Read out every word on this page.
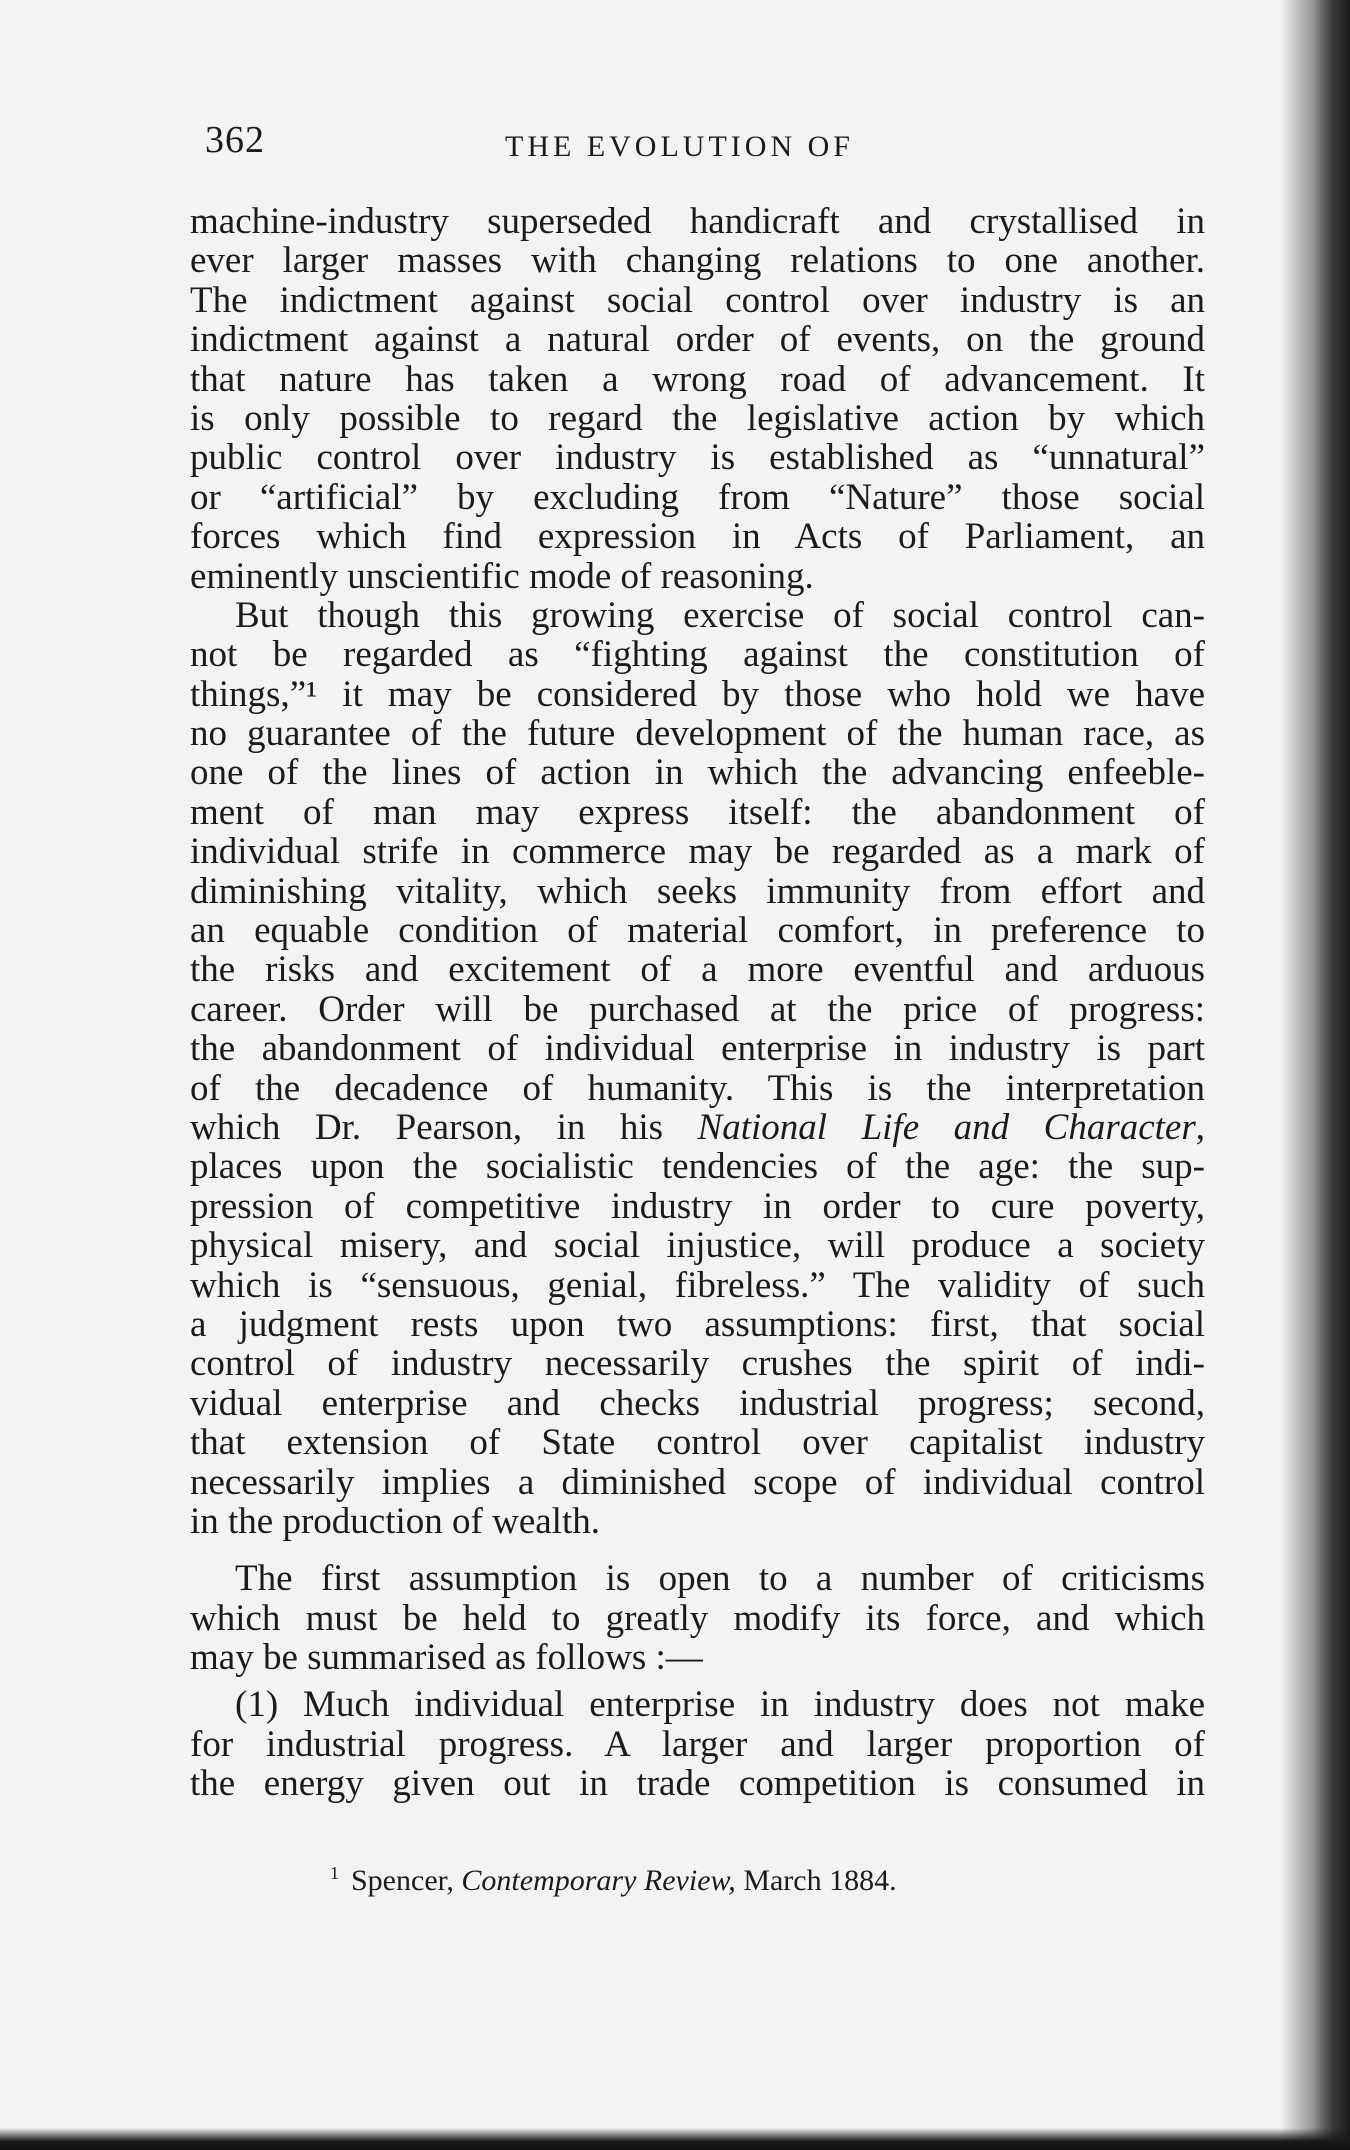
362	THE EVOLUTION OF
machine-industry superseded handicraft and crystallised in
ever larger masses with changing relations to one another.
The indictment against social control over industry is an
indictment against a natural order of events, on the ground
that nature has taken a wrong road of advancement. It
is only possible to regard the legislative action by which
public control over industry is established as “unnatural”
or “artificial” by excluding from “Nature” those social
forces which find expression in Acts of Parliament, an
eminently unscientific mode of reasoning.
But though this growing exercise of social control can-
not be regarded as “fighting against the constitution of
things,”¹ it may be considered by those who hold we have
no guarantee of the future development of the human race, as
one of the lines of action in which the advancing enfeeble-
ment of man may express itself: the abandonment of
individual strife in commerce may be regarded as a mark of
diminishing vitality, which seeks immunity from effort and
an equable condition of material comfort, in preference to
the risks and excitement of a more eventful and arduous
career. Order will be purchased at the price of progress:
the abandonment of individual enterprise in industry is part
of the decadence of humanity. This is the interpretation
which Dr. Pearson, in his National Life and Character,
places upon the socialistic tendencies of the age: the sup-
pression of competitive industry in order to cure poverty,
physical misery, and social injustice, will produce a society
which is “sensuous, genial, fibreless.” The validity of such
a judgment rests upon two assumptions: first, that social
control of industry necessarily crushes the spirit of indi-
vidual enterprise and checks industrial progress; second,
that extension of State control over capitalist industry
necessarily implies a diminished scope of individual control
in the production of wealth.
The first assumption is open to a number of criticisms
which must be held to greatly modify its force, and which
may be summarised as follows :—
(1) Much individual enterprise in industry does not make
for industrial progress. A larger and larger proportion of
the energy given out in trade competition is consumed in
$^1$ Spencer, Contemporary Review, March 1884.
